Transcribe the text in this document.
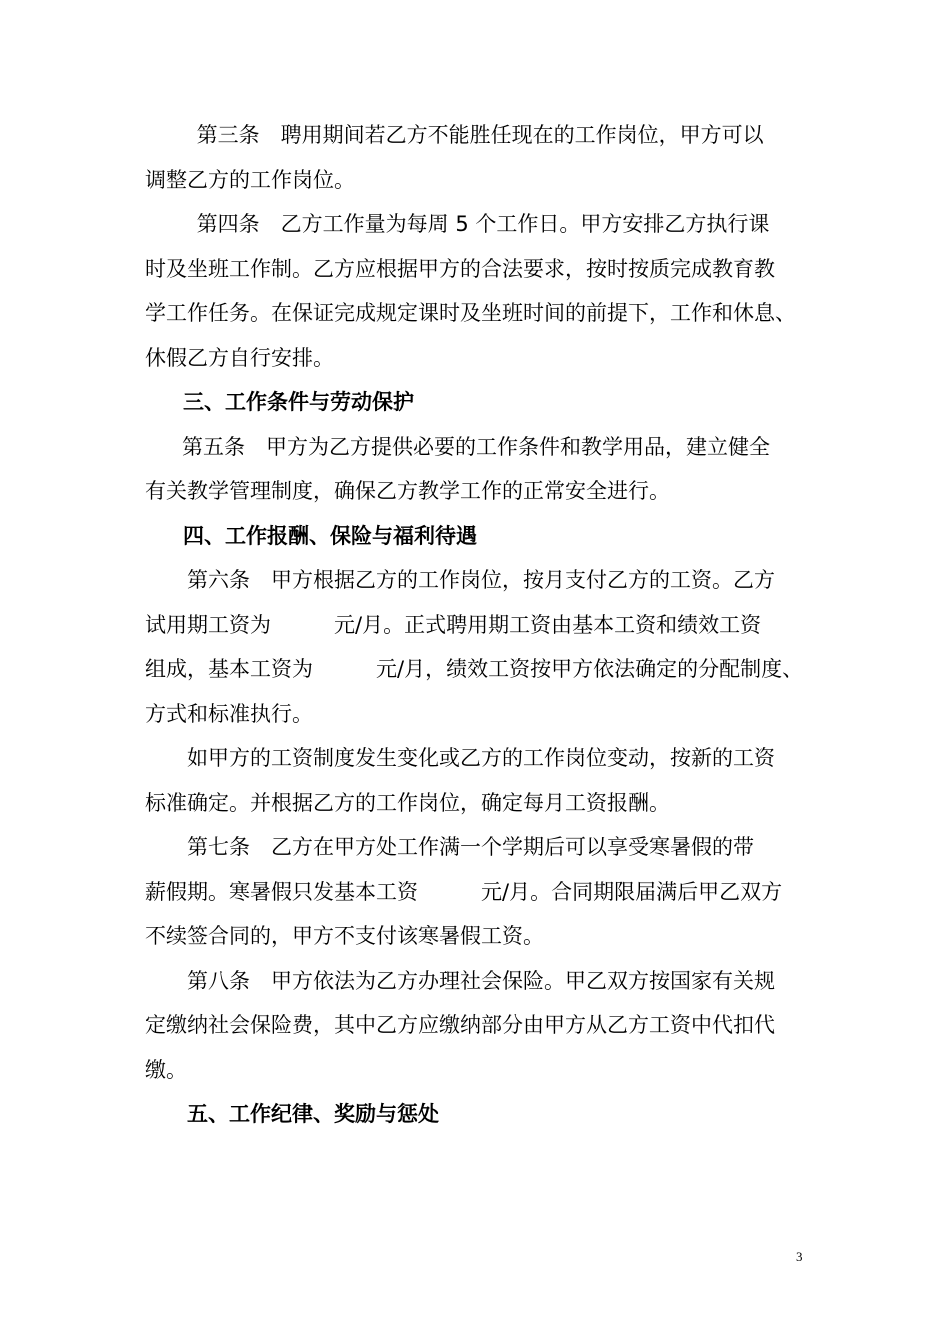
第三条　聘用期间若乙方不能胜任现在的工作岗位，甲方可以
调整乙方的工作岗位。
第四条　乙方工作量为每周 5 个工作日。甲方安排乙方执行课
时及坐班工作制。乙方应根据甲方的合法要求，按时按质完成教育教
学工作任务。在保证完成规定课时及坐班时间的前提下，工作和休息、
休假乙方自行安排。
三、工作条件与劳动保护
第五条　甲方为乙方提供必要的工作条件和教学用品，建立健全
有关教学管理制度，确保乙方教学工作的正常安全进行。
四、工作报酬、保险与福利待遇
第六条　甲方根据乙方的工作岗位，按月支付乙方的工资。乙方
试用期工资为　　　元/月。正式聘用期工资由基本工资和绩效工资
组成，基本工资为　　　元/月，绩效工资按甲方依法确定的分配制度、
方式和标准执行。
如甲方的工资制度发生变化或乙方的工作岗位变动，按新的工资
标准确定。并根据乙方的工作岗位，确定每月工资报酬。
第七条　乙方在甲方处工作满一个学期后可以享受寒暑假的带
薪假期。寒暑假只发基本工资　　　元/月。合同期限届满后甲乙双方
不续签合同的，甲方不支付该寒暑假工资。
第八条　甲方依法为乙方办理社会保险。甲乙双方按国家有关规
定缴纳社会保险费，其中乙方应缴纳部分由甲方从乙方工资中代扣代
缴。
五、工作纪律、奖励与惩处
3
